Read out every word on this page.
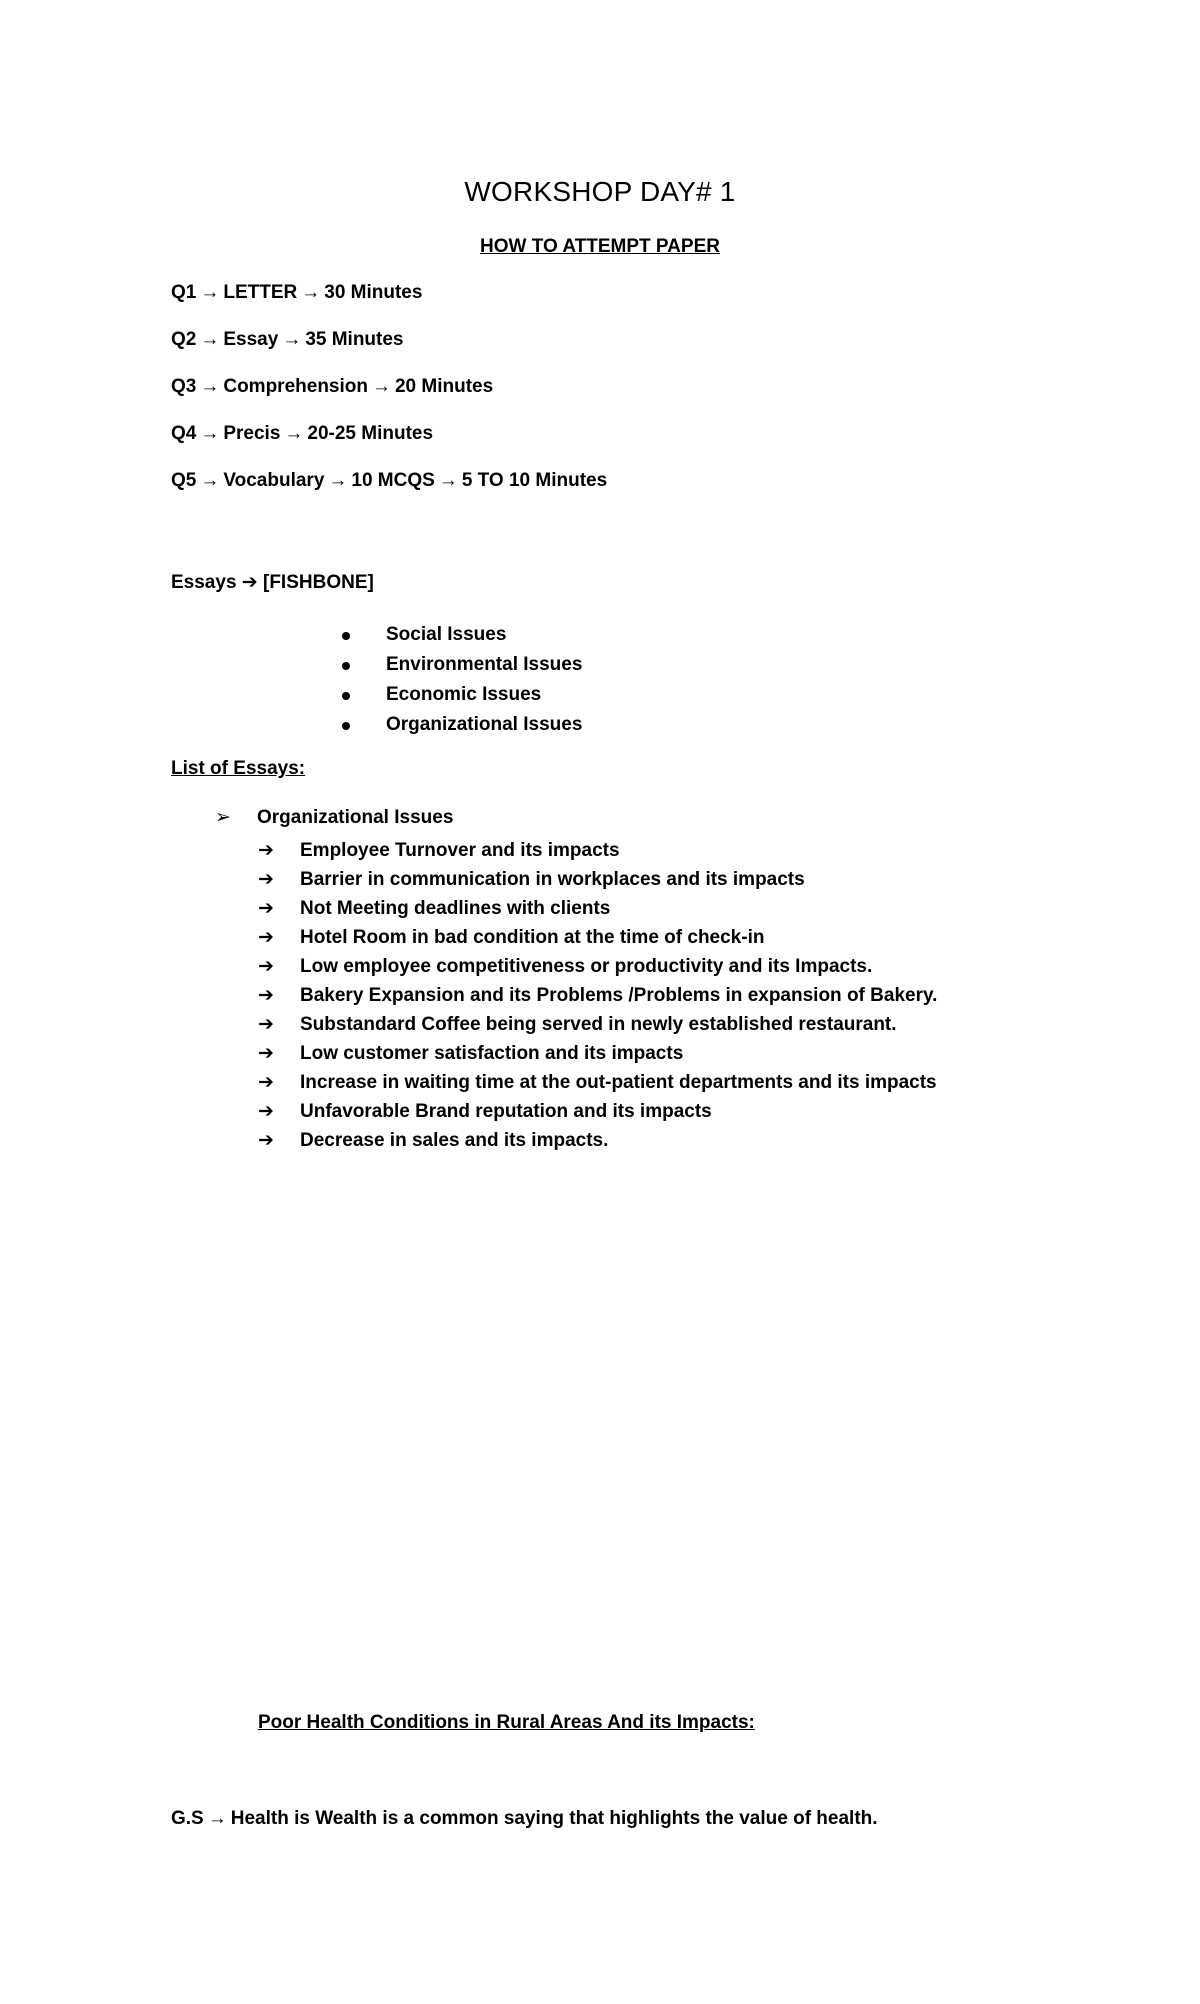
WORKSHOP DAY# 1
HOW TO ATTEMPT PAPER
Q1 → LETTER → 30 Minutes
Q2 → Essay → 35 Minutes
Q3 → Comprehension → 20 Minutes
Q4 → Precis → 20-25 Minutes
Q5 → Vocabulary → 10 MCQS → 5 TO 10 Minutes
Essays ➔ [FISHBONE]
Social Issues
Environmental Issues
Economic Issues
Organizational Issues
List of Essays:
➢ Organizational Issues
➔ Employee Turnover and its impacts
➔ Barrier in communication in workplaces and its impacts
➔ Not Meeting deadlines with clients
➔ Hotel Room in bad condition at the time of check-in
➔ Low employee competitiveness or productivity and its Impacts.
➔ Bakery Expansion and its Problems /Problems in expansion of Bakery.
➔ Substandard Coffee being served in newly established restaurant.
➔ Low customer satisfaction and its impacts
➔ Increase in waiting time at the out-patient departments and its impacts
➔ Unfavorable Brand reputation and its impacts
➔ Decrease in sales and its impacts.
Poor Health Conditions in Rural Areas And its Impacts:
G.S → Health is Wealth is a common saying that highlights the value of health.
